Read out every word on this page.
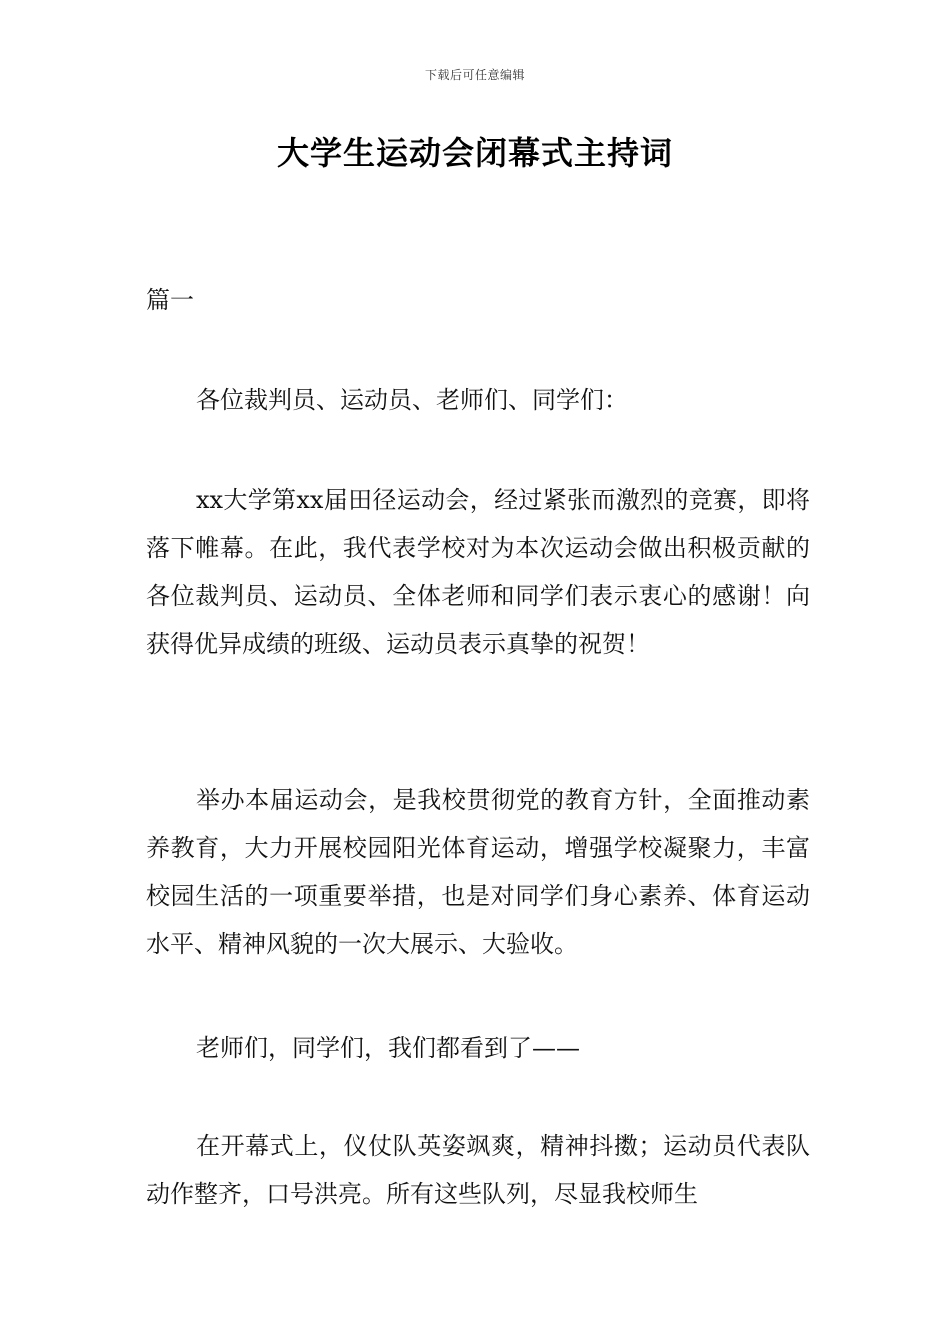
下载后可任意编辑
大学生运动会闭幕式主持词
篇一

各位裁判员、运动员、老师们、同学们：

xx大学第xx届田径运动会，经过紧张而激烈的竞赛，即将落下帷幕。在此，我代表学校对为本次运动会做出积极贡献的各位裁判员、运动员、全体老师和同学们表示衷心的感谢！向获得优异成绩的班级、运动员表示真挚的祝贺！

举办本届运动会，是我校贯彻党的教育方针，全面推动素养教育，大力开展校园阳光体育运动，增强学校凝聚力，丰富校园生活的一项重要举措，也是对同学们身心素养、体育运动水平、精神风貌的一次大展示、大验收。

老师们，同学们，我们都看到了——

在开幕式上，仪仗队英姿飒爽，精神抖擞；运动员代表队动作整齐，口号洪亮。所有这些队列，尽显我校师生
